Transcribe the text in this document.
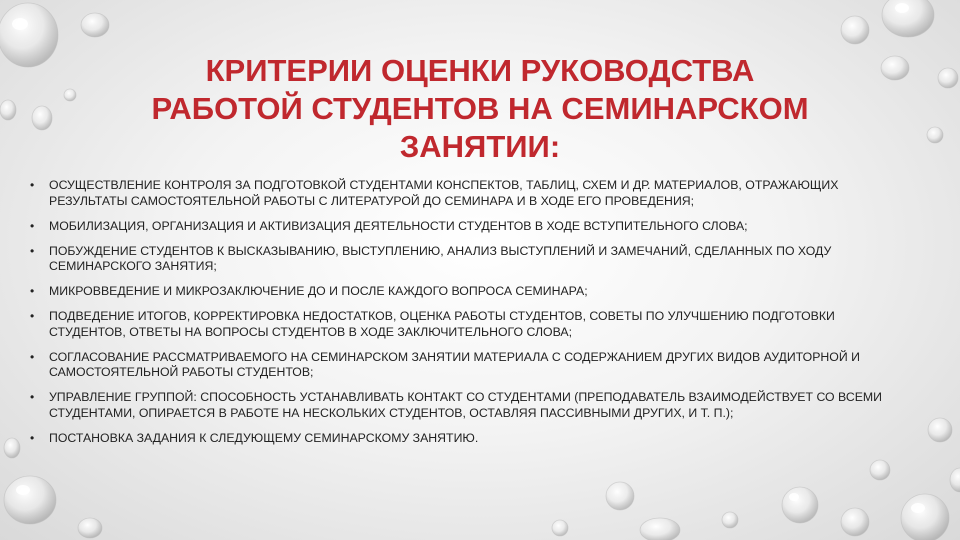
КРИТЕРИИ ОЦЕНКИ РУКОВОДСТВА
РАБОТОЙ СТУДЕНТОВ НА СЕМИНАРСКОМ
ЗАНЯТИИ:
• ОСУЩЕСТВЛЕНИЕ КОНТРОЛЯ ЗА ПОДГОТОВКОЙ СТУДЕНТАМИ КОНСПЕКТОВ, ТАБЛИЦ, СХЕМ И ДР. МАТЕРИАЛОВ, ОТРАЖАЮЩИХ РЕЗУЛЬТАТЫ САМОСТОЯТЕЛЬНОЙ РАБОТЫ С ЛИТЕРАТУРОЙ ДО СЕМИНАРА И В ХОДЕ ЕГО ПРОВЕДЕНИЯ;
• МОБИЛИЗАЦИЯ, ОРГАНИЗАЦИЯ И АКТИВИЗАЦИЯ ДЕЯТЕЛЬНОСТИ СТУДЕНТОВ В ХОДЕ ВСТУПИТЕЛЬНОГО СЛОВА;
• ПОБУЖДЕНИЕ СТУДЕНТОВ К ВЫСКАЗЫВАНИЮ, ВЫСТУПЛЕНИЮ, АНАЛИЗ ВЫСТУПЛЕНИЙ И ЗАМЕЧАНИЙ, СДЕЛАННЫХ ПО ХОДУ СЕМИНАРСКОГО ЗАНЯТИЯ;
• МИКРОВВЕДЕНИЕ И МИКРОЗАКЛЮЧЕНИЕ ДО И ПОСЛЕ КАЖДОГО ВОПРОСА СЕМИНАРА;
• ПОДВЕДЕНИЕ ИТОГОВ, КОРРЕКТИРОВКА НЕДОСТАТКОВ, ОЦЕНКА РАБОТЫ СТУДЕНТОВ, СОВЕТЫ ПО УЛУЧШЕНИЮ ПОДГОТОВКИ СТУДЕНТОВ, ОТВЕТЫ НА ВОПРОСЫ СТУДЕНТОВ В ХОДЕ ЗАКЛЮЧИТЕЛЬНОГО СЛОВА;
• СОГЛАСОВАНИЕ РАССМАТРИВАЕМОГО НА СЕМИНАРСКОМ ЗАНЯТИИ МАТЕРИАЛА С СОДЕРЖАНИЕМ ДРУГИХ ВИДОВ АУДИТОРНОЙ И САМОСТОЯТЕЛЬНОЙ РАБОТЫ СТУДЕНТОВ;
• УПРАВЛЕНИЕ ГРУППОЙ: СПОСОБНОСТЬ УСТАНАВЛИВАТЬ КОНТАКТ СО СТУДЕНТАМИ (ПРЕПОДАВАТЕЛЬ ВЗАИМОДЕЙСТВУЕТ СО ВСЕМИ СТУДЕНТАМИ, ОПИРАЕТСЯ В РАБОТЕ НА НЕСКОЛЬКИХ СТУДЕНТОВ, ОСТАВЛЯЯ ПАССИВНЫМИ ДРУГИХ, И Т. П.);
• ПОСТАНОВКА ЗАДАНИЯ К СЛЕДУЮЩЕМУ СЕМИНАРСКОМУ ЗАНЯТИЮ.
